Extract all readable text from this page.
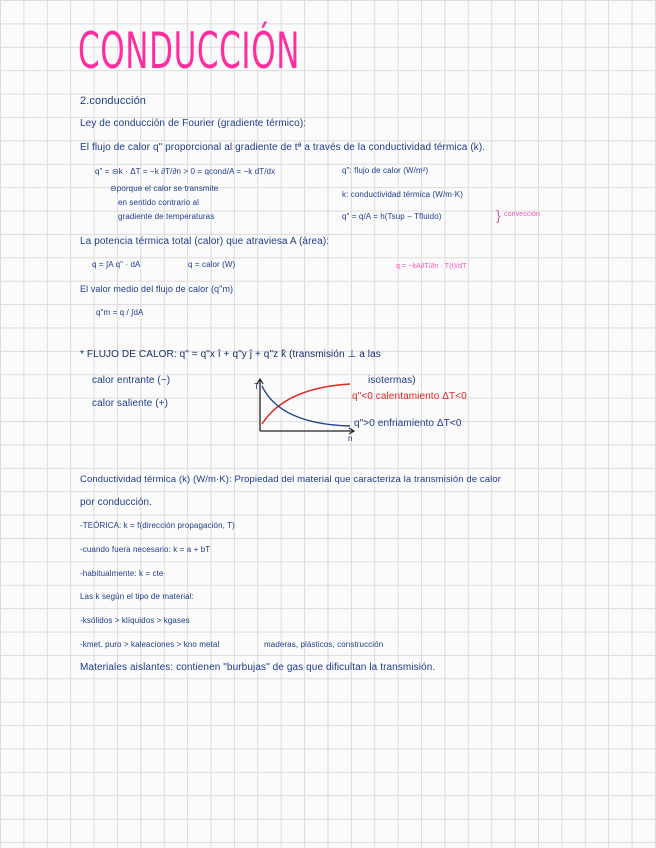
CONDUCCIÓN
2.conducción
Ley de conducción de Fourier (gradiente térmico):
El flujo de calor q" proporcional al gradiente de tª a través de la conductividad térmica (k).
q" = ⊝k · ΔT = −k ∂T/∂n > 0 = qcond/A = −k dT/dx
⊝porque el calor se transmite
en sentido contrario al
gradiente de temperaturas
q": flujo de calor (W/m²)
k: conductividad térmica (W/m·K)
q" = q/A = h(Tsup − Tfluido)	} convección
La potencia térmica total (calor) que atraviesa A (área):
q = ∫A q" · dA	q = calor (W)	q = −kA∂T/∂n · T(t)/dT
El valor medio del flujo de calor (q"m)
q"m = q / ∫dA
* FLUJO DE CALOR: q" = q"x î + q"y ĵ + q"z k̂ (transmisión ⊥ a las
calor entrante (−)
calor saliente (+)
T
n
isotermas)
q"<0 calentamiento ΔT<0
q">0 enfriamiento ΔT<0
Conductividad térmica (k) (W/m·K): Propiedad del material que caracteriza la transmisión de calor
por conducción.
-TEÓRICA: k = f(dirección propagación, T)
-cuando fuera necesario: k = a + bT
-habitualmente: k = cte
Las k según el tipo de material:
-ksólidos > klíquidos > kgases
-kmet. puro > kaleaciones > kno metal	maderas, plásticos, construcción
Materiales aislantes: contienen "burbujas" de gas que dificultan la transmisión.
